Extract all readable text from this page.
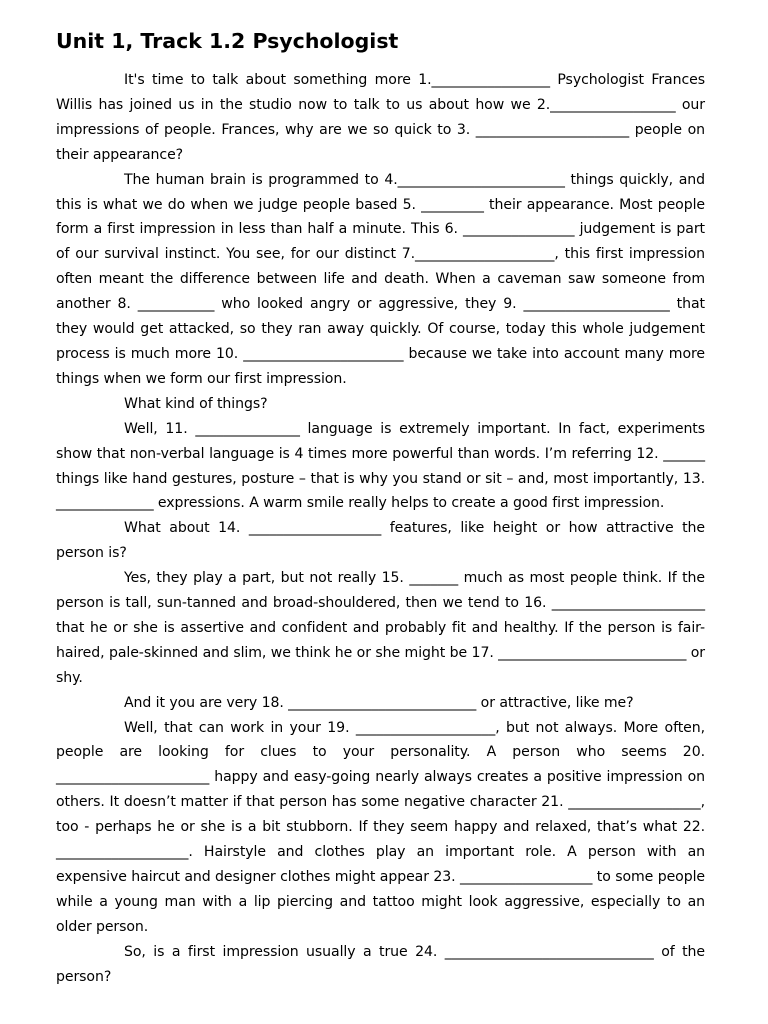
Unit 1, Track 1.2 Psychologist

It's time to talk about something more 1._________________ Psychologist Frances Willis has joined us in the studio now to talk to us about how we 2.__________________ our impressions of people. Frances, why are we so quick to 3. ______________________ people on their appearance?

The human brain is programmed to 4.________________________ things quickly, and this is what we do when we judge people based 5. _________ their appearance. Most people form a first impression in less than half a minute. This 6. ________________ judgement is part of our survival instinct. You see, for our distinct 7.____________________, this first impression often meant the difference between life and death. When a caveman saw someone from another 8. ___________ who looked angry or aggressive, they 9. _____________________ that they would get attacked, so they ran away quickly. Of course, today this whole judgement process is much more 10. _______________________ because we take into account many more things when we form our first impression.

What kind of things?

Well, 11. _______________ language is extremely important. In fact, experiments show that non-verbal language is 4 times more powerful than words. I’m referring 12. ______ things like hand gestures, posture – that is why you stand or sit – and, most importantly, 13. ______________ expressions. A warm smile really helps to create a good first impression.

What about 14. ___________________ features, like height or how attractive the person is?

Yes, they play a part, but not really 15. _______ much as most people think. If the person is tall, sun-tanned and broad-shouldered, then we tend to 16. ______________________ that he or she is assertive and confident and probably fit and healthy. If the person is fair-haired, pale-skinned and slim, we think he or she might be 17. ___________________________ or shy.

And it you are very 18. ___________________________ or attractive, like me?

Well, that can work in your 19. ____________________, but not always. More often, people are looking for clues to your personality. A person who seems 20. ______________________ happy and easy-going nearly always creates a positive impression on others. It doesn’t matter if that person has some negative character 21. ___________________, too - perhaps he or she is a bit stubborn. If they seem happy and relaxed, that’s what 22. ___________________. Hairstyle and clothes play an important role. A person with an expensive haircut and designer clothes might appear 23. ___________________ to some people while a young man with a lip piercing and tattoo might look aggressive, especially to an older person.

So, is a first impression usually a true 24. ______________________________ of the person?
